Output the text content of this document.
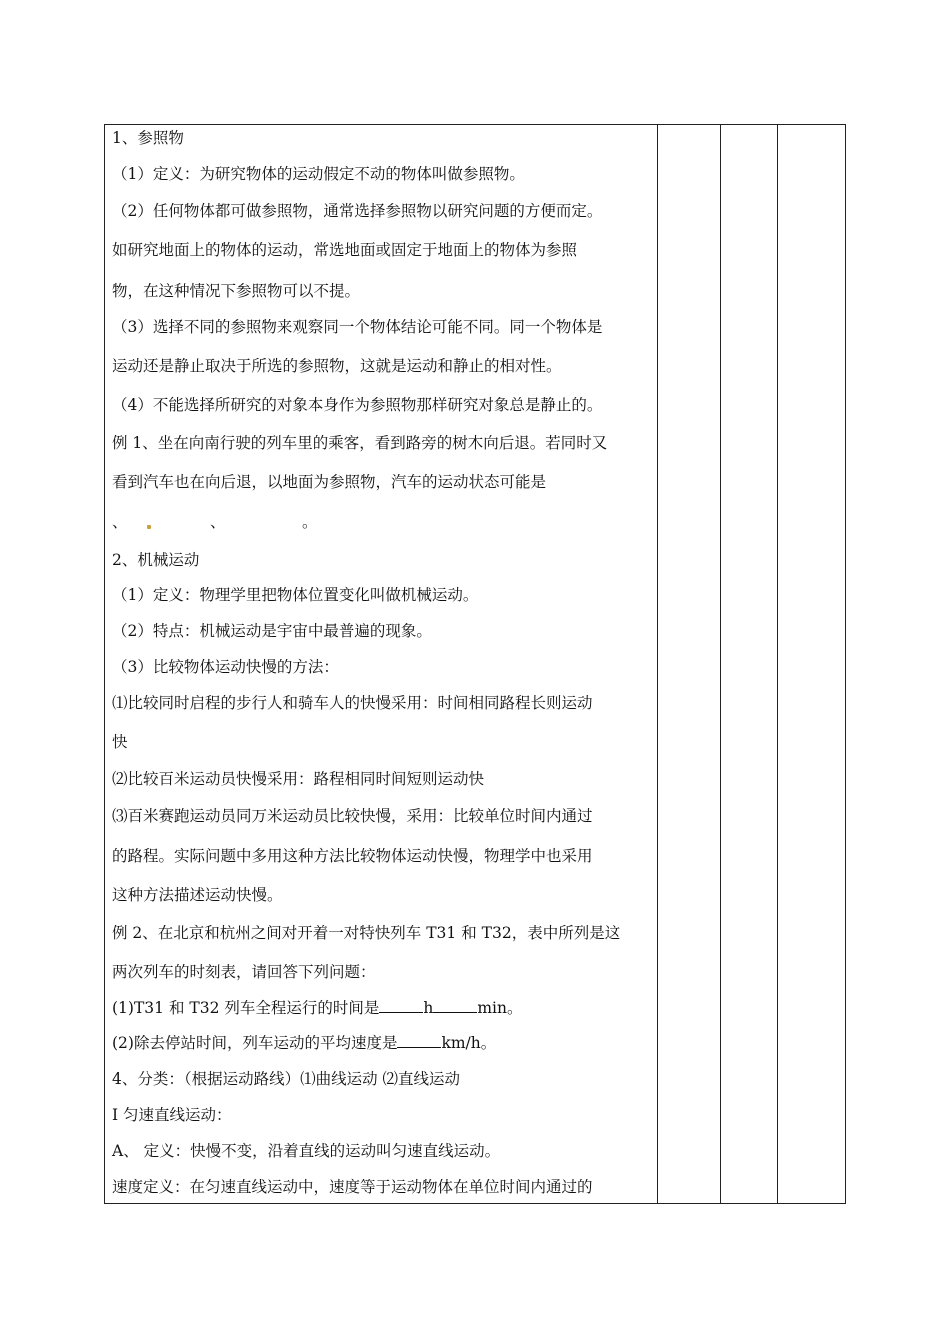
1、参照物
（1）定义：为研究物体的运动假定不动的物体叫做参照物。
（2）任何物体都可做参照物，通常选择参照物以研究问题的方便而定。
如研究地面上的物体的运动，常选地面或固定于地面上的物体为参照
物，在这种情况下参照物可以不提。
（3）选择不同的参照物来观察同一个物体结论可能不同。同一个物体是
运动还是静止取决于所选的参照物，这就是运动和静止的相对性。
（4）不能选择所研究的对象本身作为参照物那样研究对象总是静止的。
例 1、坐在向南行驶的列车里的乘客，看到路旁的树木向后退。若同时又
看到汽车也在向后退，以地面为参照物，汽车的运动状态可能是
、	、	。
2、机械运动
（1）定义：物理学里把物体位置变化叫做机械运动。
（2）特点：机械运动是宇宙中最普遍的现象。
（3）比较物体运动快慢的方法：
⑴比较同时启程的步行人和骑车人的快慢采用：时间相同路程长则运动
快
⑵比较百米运动员快慢采用：路程相同时间短则运动快
⑶百米赛跑运动员同万米运动员比较快慢，采用：比较单位时间内通过
的路程。实际问题中多用这种方法比较物体运动快慢，物理学中也采用
这种方法描述运动快慢。
例 2、在北京和杭州之间对开着一对特快列车 T31 和 T32，表中所列是这
两次列车的时刻表，请回答下列问题：
(1)T31 和 T32 列车全程运行的时间是	h	min。
(2)除去停站时间，列车运动的平均速度是	km/h。
4、分类：（根据运动路线）⑴曲线运动 ⑵直线运动
Ⅰ 匀速直线运动：
A、 定义：快慢不变，沿着直线的运动叫匀速直线运动。
速度定义：在匀速直线运动中，速度等于运动物体在单位时间内通过的
